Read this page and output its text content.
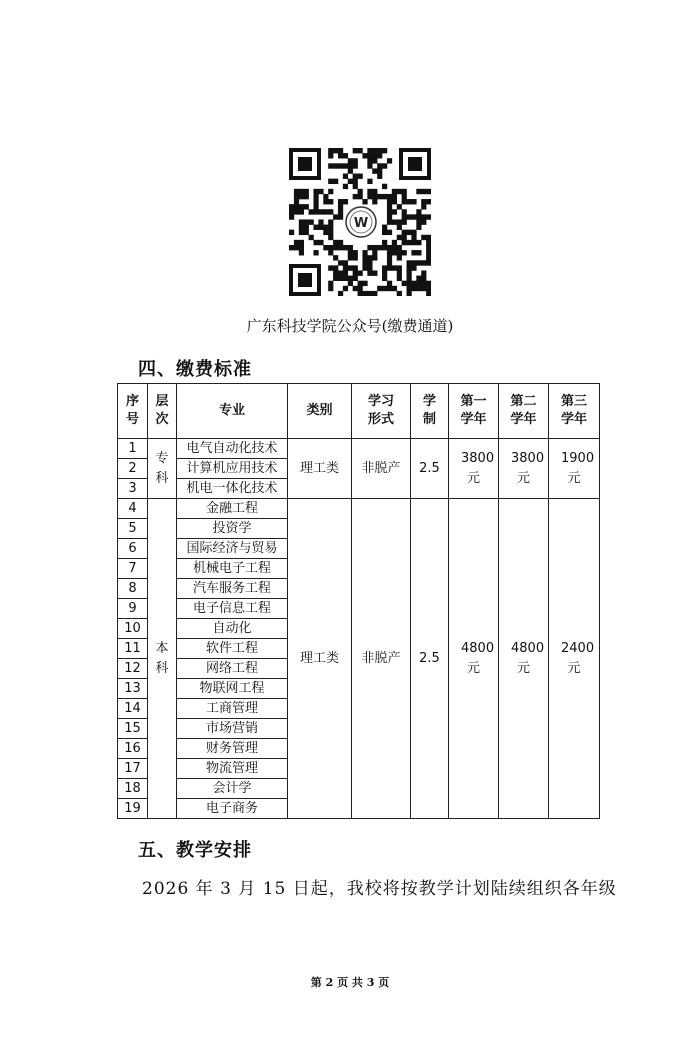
W
广东科技学院公众号(缴费通道)
四、缴费标准
序号	层次	专业	类别	学习形式	学制	第一学年	第二学年	第三学年
1	专科	电气自动化技术	理工类	非脱产	2.5	3800元	3800元	1900元
2		计算机应用技术						
3		机电一体化技术						
4	本科	金融工程	理工类	非脱产	2.5	4800元	4800元	2400元
5		投资学						
6		国际经济与贸易						
7		机械电子工程						
8		汽车服务工程						
9		电子信息工程						
10		自动化						
11		软件工程						
12		网络工程						
13		物联网工程						
14		工商管理						
15		市场营销						
16		财务管理						
17		物流管理						
18		会计学						
19		电子商务						
五、教学安排
2026 年 3 月 15 日起，我校将按教学计划陆续组织各年级
第 2 页 共 3 页
